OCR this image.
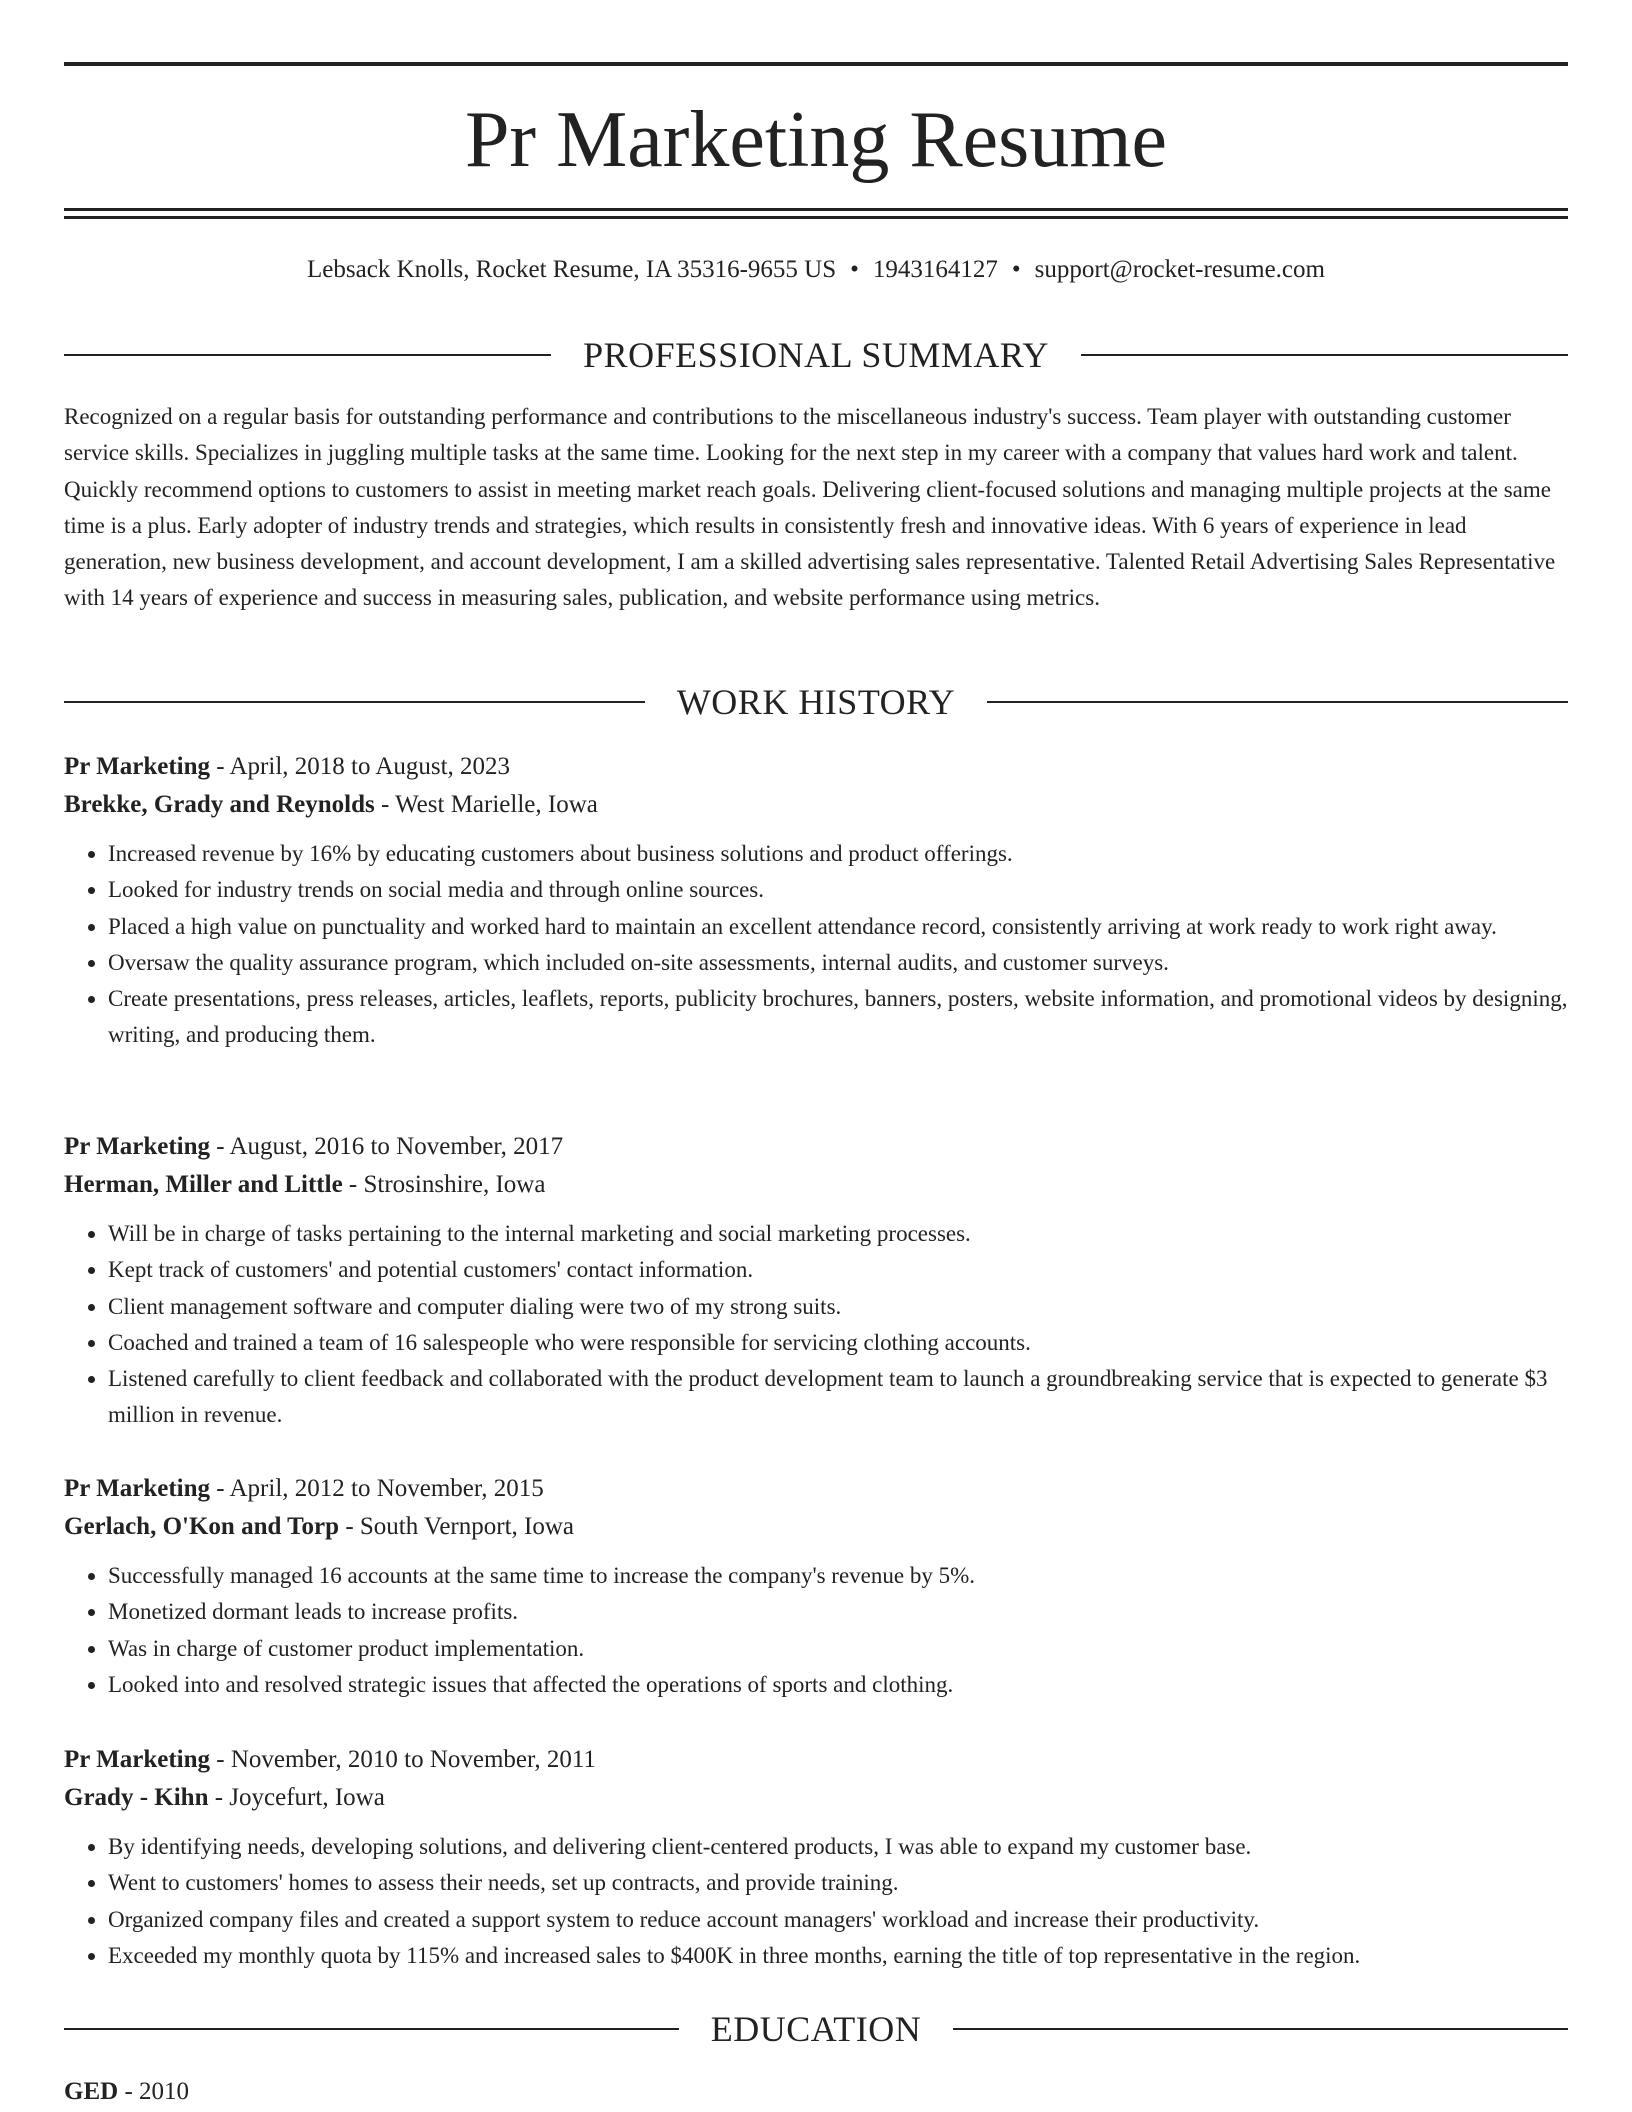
Pr Marketing Resume
Lebsack Knolls, Rocket Resume, IA 35316-9655 US • 1943164127 • support@rocket-resume.com
PROFESSIONAL SUMMARY

Recognized on a regular basis for outstanding performance and contributions to the miscellaneous industry's success. Team player with outstanding customer service skills. Specializes in juggling multiple tasks at the same time. Looking for the next step in my career with a company that values hard work and talent. Quickly recommend options to customers to assist in meeting market reach goals. Delivering client-focused solutions and managing multiple projects at the same time is a plus. Early adopter of industry trends and strategies, which results in consistently fresh and innovative ideas. With 6 years of experience in lead generation, new business development, and account development, I am a skilled advertising sales representative. Talented Retail Advertising Sales Representative with 14 years of experience and success in measuring sales, publication, and website performance using metrics.

WORK HISTORY
Pr Marketing - April, 2018 to August, 2023
Brekke, Grady and Reynolds - West Marielle, Iowa
• Increased revenue by 16% by educating customers about business solutions and product offerings.
• Looked for industry trends on social media and through online sources.
• Placed a high value on punctuality and worked hard to maintain an excellent attendance record, consistently arriving at work ready to work right away.
• Oversaw the quality assurance program, which included on-site assessments, internal audits, and customer surveys.
• Create presentations, press releases, articles, leaflets, reports, publicity brochures, banners, posters, website information, and promotional videos by designing, writing, and producing them.
Pr Marketing - August, 2016 to November, 2017
Herman, Miller and Little - Strosinshire, Iowa
• Will be in charge of tasks pertaining to the internal marketing and social marketing processes.
• Kept track of customers' and potential customers' contact information.
• Client management software and computer dialing were two of my strong suits.
• Coached and trained a team of 16 salespeople who were responsible for servicing clothing accounts.
• Listened carefully to client feedback and collaborated with the product development team to launch a groundbreaking service that is expected to generate $3 million in revenue.
Pr Marketing - April, 2012 to November, 2015
Gerlach, O'Kon and Torp - South Vernport, Iowa
• Successfully managed 16 accounts at the same time to increase the company's revenue by 5%.
• Monetized dormant leads to increase profits.
• Was in charge of customer product implementation.
• Looked into and resolved strategic issues that affected the operations of sports and clothing.
Pr Marketing - November, 2010 to November, 2011
Grady - Kihn - Joycefurt, Iowa
• By identifying needs, developing solutions, and delivering client-centered products, I was able to expand my customer base.
• Went to customers' homes to assess their needs, set up contracts, and provide training.
• Organized company files and created a support system to reduce account managers' workload and increase their productivity.
• Exceeded my monthly quota by 115% and increased sales to $400K in three months, earning the title of top representative in the region.
EDUCATION
GED - 2010
